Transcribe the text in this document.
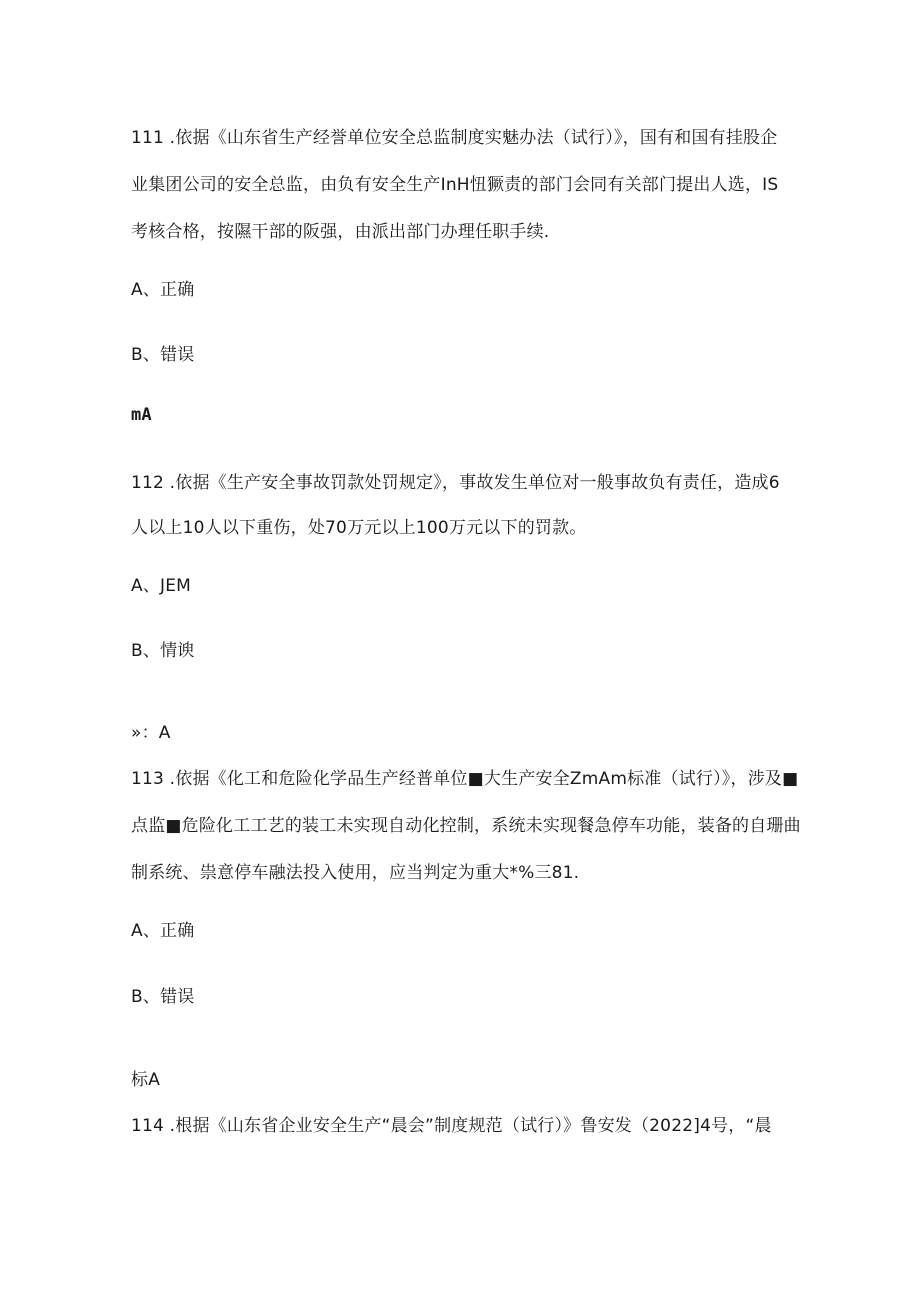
111 .依据《山东省生产经誉单位安全总监制度实魅办法（试行）》，国有和国有挂股企
业集团公司的安全总监，由负有安全生产InH忸獗责的部门会同有关部门提出人选，IS
考核合格，按隰干部的阪强，由派出部门办理任职手续.
A、正确
B、错误
mA
112 .依据《生产安全事故罚款处罚规定》，事故发生单位对一般事故负有责任，造成6
人以上10人以下重伤，处70万元以上100万元以下的罚款。
A、JEM
B、情谀
»：A
113 .依据《化工和危险化学品生产经普单位■大生产安全ZmAm标准（试行）》，涉及■
点监■危险化工工艺的装工未实现自动化控制，系统未实现餐急停车功能，装备的自珊曲
制系统、祟意停车融法投入使用，应当判定为重大*%三81.
A、正确
B、错误
标A
114 .根据《山东省企业安全生产“晨会”制度规范（试行）》鲁安发（2022]4号，“晨
